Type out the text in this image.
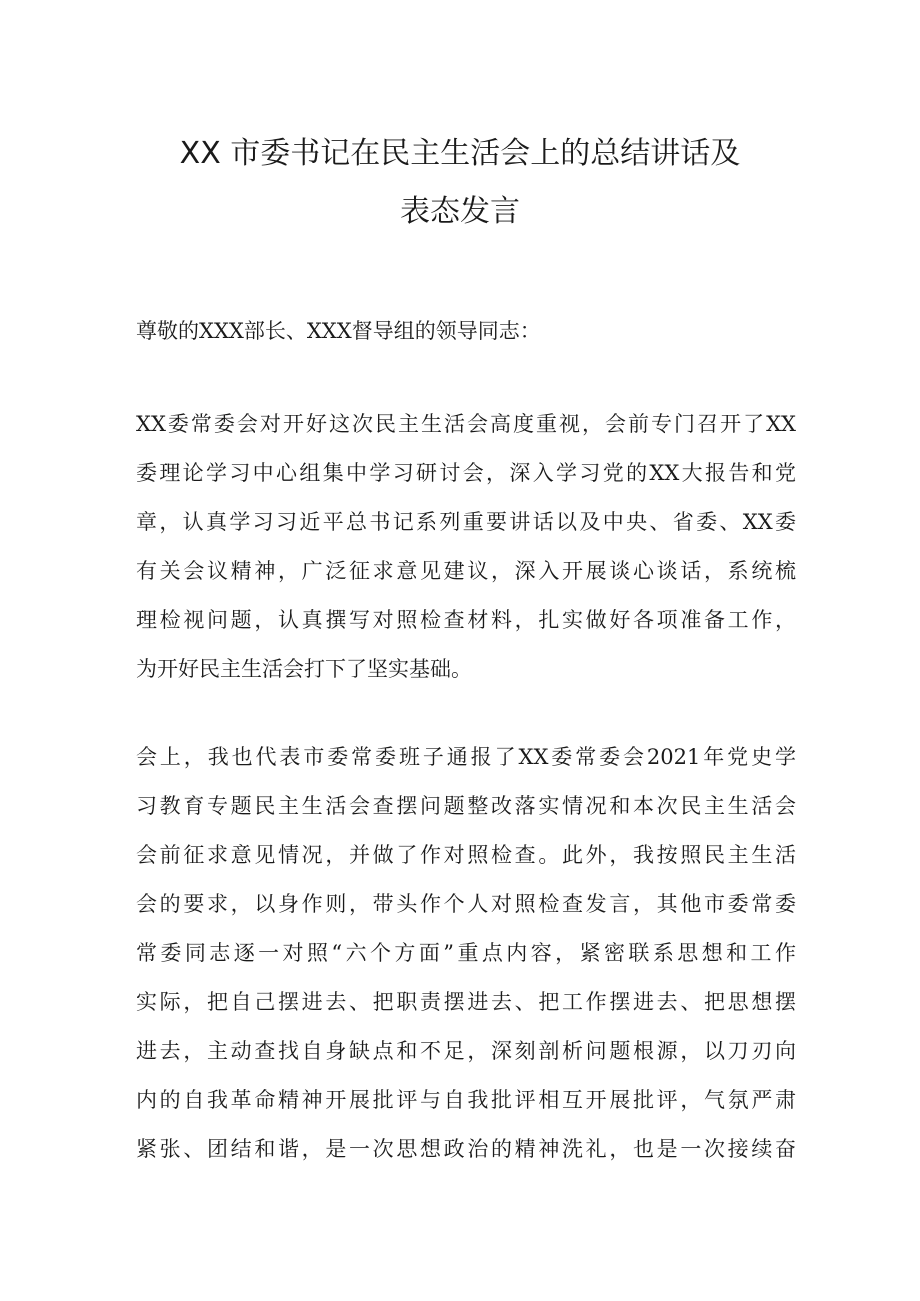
XX 市委书记在民主生活会上的总结讲话及
表态发言

尊敬的XXX部长、XXX督导组的领导同志：

XX委常委会对开好这次民主生活会高度重视，会前专门召开了XX
委理论学习中心组集中学习研讨会，深入学习党的XX大报告和党
章，认真学习习近平总书记系列重要讲话以及中央、省委、XX委
有关会议精神，广泛征求意见建议，深入开展谈心谈话，系统梳
理检视问题，认真撰写对照检查材料，扎实做好各项准备工作，
为开好民主生活会打下了坚实基础。

会上，我也代表市委常委班子通报了XX委常委会2021年党史学
习教育专题民主生活会查摆问题整改落实情况和本次民主生活会
会前征求意见情况，并做了作对照检查。此外，我按照民主生活
会的要求，以身作则，带头作个人对照检查发言，其他市委常委
常委同志逐一对照“六个方面”重点内容，紧密联系思想和工作
实际，把自己摆进去、把职责摆进去、把工作摆进去、把思想摆
进去，主动查找自身缺点和不足，深刻剖析问题根源，以刀刃向
内的自我革命精神开展批评与自我批评相互开展批评，气氛严肃
紧张、团结和谐，是一次思想政治的精神洗礼，也是一次接续奋
